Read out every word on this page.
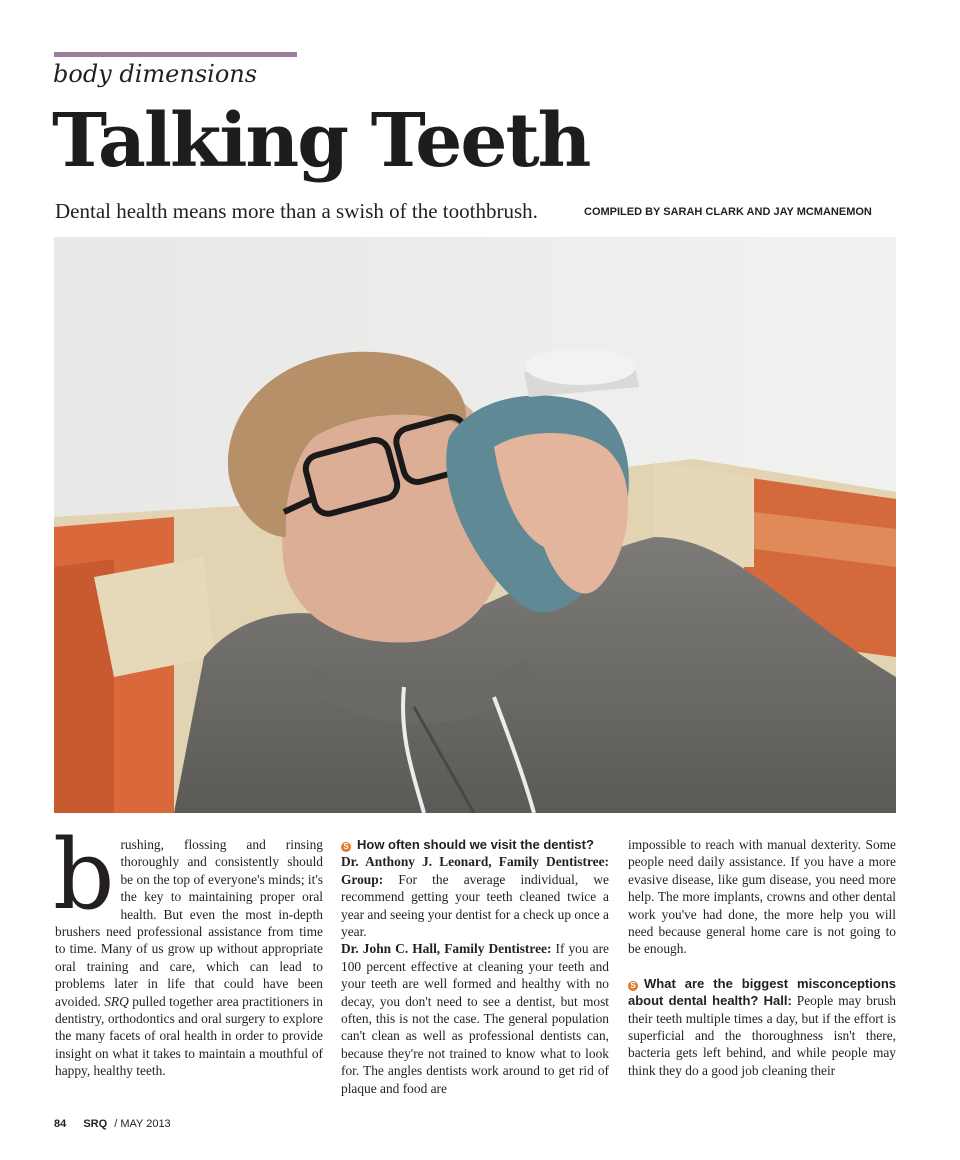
body dimensions
Talking Teeth
Dental health means more than a swish of the toothbrush.	COMPILED BY SARAH CLARK AND JAY MCMANEMON
b rushing, flossing and rinsing thoroughly and consistently should be on the top of everyone's minds; it's the key to maintaining proper oral health. But even the most in-depth brushers need professional assistance from time to time. Many of us grow up without appropriate oral training and care, which can lead to problems later in life that could have been avoided. SRQ pulled together area practitioners in dentistry, orthodontics and oral surgery to explore the many facets of oral health in order to provide insight on what it takes to maintain a mouthful of happy, healthy teeth.

S How often should we visit the dentist?

Dr. Anthony J. Leonard, Family Dentistree: Group: For the average individual, we recommend getting your teeth cleaned twice a year and seeing your dentist for a check up once a year.

Dr. John C. Hall, Family Dentistree: If you are 100 percent effective at cleaning your teeth and your teeth are well formed and healthy with no decay, you don't need to see a dentist, but most often, this is not the case. The general population can't clean as well as professional dentists can, because they're not trained to know what to look for. The angles dentists work around to get rid of plaque and food are

impossible to reach with manual dexterity. Some people need daily assistance. If you have a more evasive disease, like gum disease, you need more help. The more implants, crowns and other dental work you've had done, the more help you will need because general home care is not going to be enough.

S What are the biggest misconceptions about dental health? Hall: People may brush their teeth multiple times a day, but if the effort is superficial and the thoroughness isn't there, bacteria gets left behind, and while people may think they do a good job cleaning their

84 SRQ / MAY 2013
